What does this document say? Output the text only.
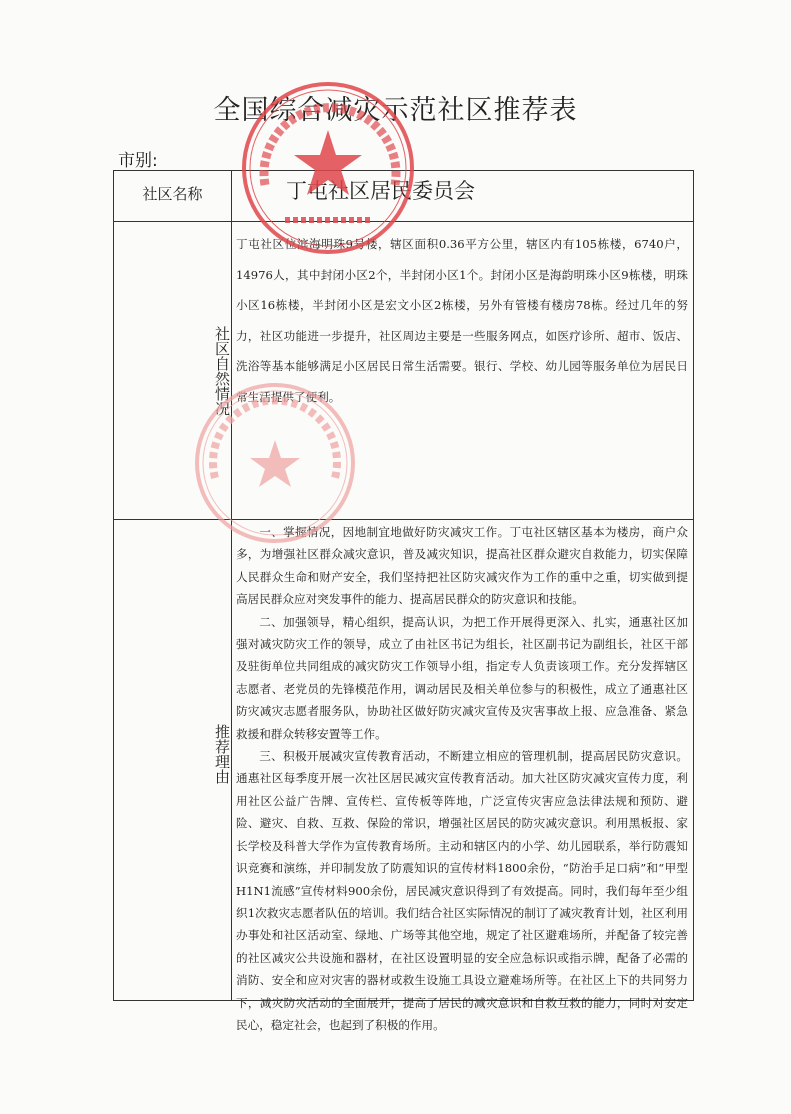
全国综合减灾示范社区推荐表
市别:
社区名称	丁屯社区居民委员会
社区自然情况
丁屯社区位滨海明珠9号楼，辖区面积0.36平方公里，辖区内有105栋楼，6740户，14976人，其中封闭小区2个，半封闭小区1个。封闭小区是海韵明珠小区9栋楼，明珠小区16栋楼，半封闭小区是宏文小区2栋楼，另外有管楼有楼房78栋。经过几年的努力，社区功能进一步提升，社区周边主要是一些服务网点，如医疗诊所、超市、饭店、洗浴等基本能够满足小区居民日常生活需要。银行、学校、幼儿园等服务单位为居民日常生活提供了便利。
推荐理由

一、掌握情况，因地制宜地做好防灾减灾工作。丁屯社区辖区基本为楼房，商户众多，为增强社区群众减灾意识，普及减灾知识，提高社区群众避灾自救能力，切实保障人民群众生命和财产安全，我们坚持把社区防灾减灾作为工作的重中之重，切实做到提高居民群众应对突发事件的能力、提高居民群众的防灾意识和技能。

二、加强领导，精心组织，提高认识，为把工作开展得更深入、扎实，通惠社区加强对减灾防灾工作的领导，成立了由社区书记为组长，社区副书记为副组长，社区干部及驻街单位共同组成的减灾防灾工作领导小组，指定专人负责该项工作。充分发挥辖区志愿者、老党员的先锋模范作用，调动居民及相关单位参与的积极性，成立了通惠社区防灾减灾志愿者服务队，协助社区做好防灾减灾宣传及灾害事故上报、应急准备、紧急救援和群众转移安置等工作。

三、积极开展减灾宣传教育活动，不断建立相应的管理机制，提高居民防灾意识。通惠社区每季度开展一次社区居民减灾宣传教育活动。加大社区防灾减灾宣传力度，利用社区公益广告牌、宣传栏、宣传板等阵地，广泛宣传灾害应急法律法规和预防、避险、避灾、自救、互救、保险的常识，增强社区居民的防灾减灾意识。利用黑板报、家长学校及科普大学作为宣传教育场所。主动和辖区内的小学、幼儿园联系，举行防震知识竞赛和演练，并印制发放了防震知识的宣传材料1800余份，“防治手足口病”和“甲型H1N1流感”宣传材料900余份，居民减灾意识得到了有效提高。同时，我们每年至少组织1次救灾志愿者队伍的培训。我们结合社区实际情况的制订了减灾教育计划，社区利用办事处和社区活动室、绿地、广场等其他空地，规定了社区避难场所，并配备了较完善的社区减灾公共设施和器材，在社区设置明显的安全应急标识或指示牌，配备了必需的消防、安全和应对灾害的器材或救生设施工具设立避难场所等。在社区上下的共同努力下，减灾防灾活动的全面展开，提高了居民的减灾意识和自救互救的能力，同时对安定民心，稳定社会，也起到了积极的作用。
